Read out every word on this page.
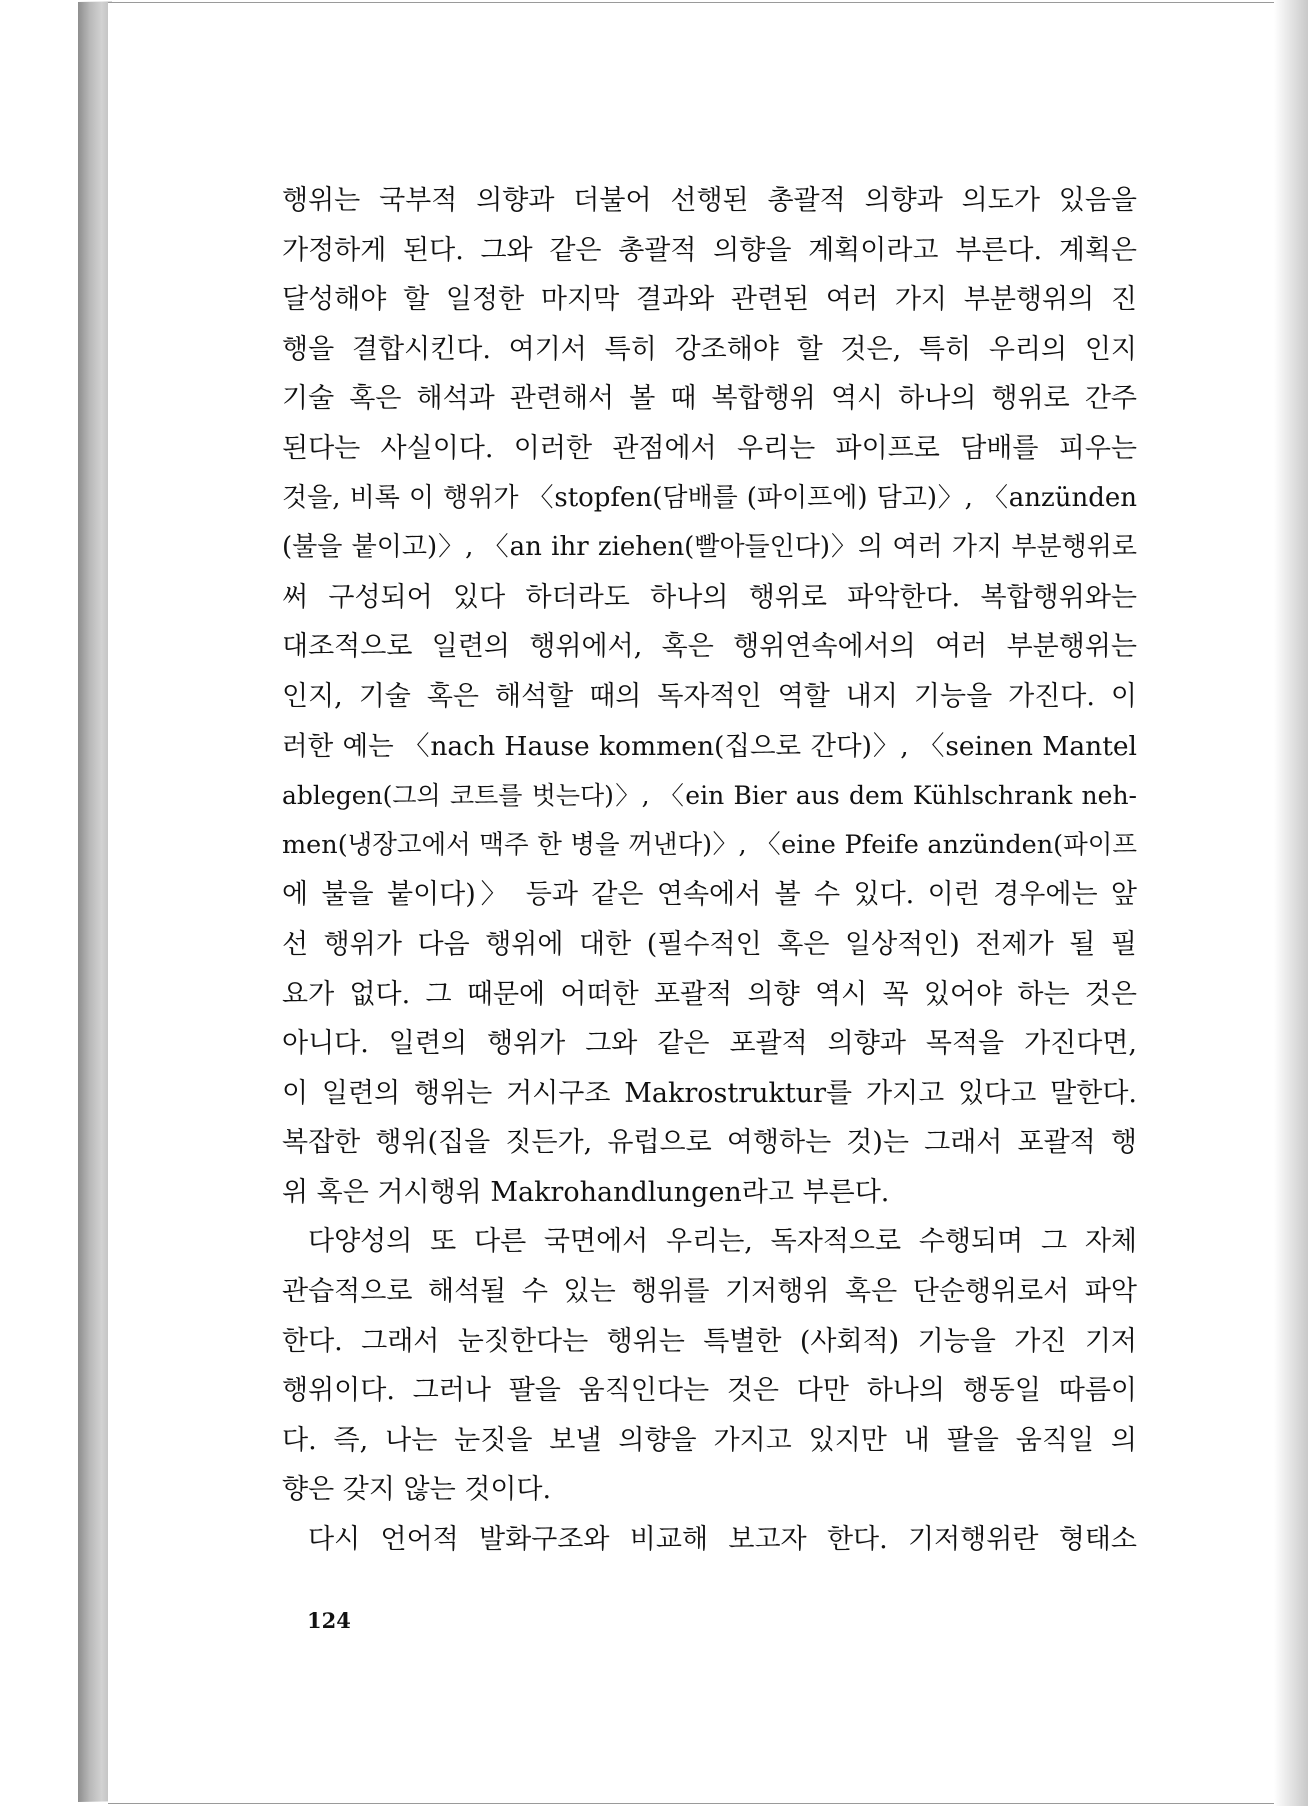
행위는 국부적 의향과 더불어 선행된 총괄적 의향과 의도가 있음을
가정하게 된다. 그와 같은 총괄적 의향을 계획이라고 부른다. 계획은
달성해야 할 일정한 마지막 결과와 관련된 여러 가지 부분행위의 진
행을 결합시킨다. 여기서 특히 강조해야 할 것은, 특히 우리의 인지
기술 혹은 해석과 관련해서 볼 때 복합행위 역시 하나의 행위로 간주
된다는 사실이다. 이러한 관점에서 우리는 파이프로 담배를 피우는
것을, 비록 이 행위가 〈stopfen(담배를 (파이프에) 담고)〉, 〈anzünden
(불을 붙이고)〉, 〈an ihr ziehen(빨아들인다)〉의 여러 가지 부분행위로
써 구성되어 있다 하더라도 하나의 행위로 파악한다. 복합행위와는
대조적으로 일련의 행위에서, 혹은 행위연속에서의 여러 부분행위는
인지, 기술 혹은 해석할 때의 독자적인 역할 내지 기능을 가진다. 이
러한 예는 〈nach Hause kommen(집으로 간다)〉, 〈seinen Mantel
ablegen(그의 코트를 벗는다)〉, 〈ein Bier aus dem Kühlschrank neh-
men(냉장고에서 맥주 한 병을 꺼낸다)〉, 〈eine Pfeife anzünden(파이프
에 불을 붙이다)〉 등과 같은 연속에서 볼 수 있다. 이런 경우에는 앞
선 행위가 다음 행위에 대한 (필수적인 혹은 일상적인) 전제가 될 필
요가 없다. 그 때문에 어떠한 포괄적 의향 역시 꼭 있어야 하는 것은
아니다. 일련의 행위가 그와 같은 포괄적 의향과 목적을 가진다면,
이 일련의 행위는 거시구조 Makrostruktur를 가지고 있다고 말한다.
복잡한 행위(집을 짓든가, 유럽으로 여행하는 것)는 그래서 포괄적 행
위 혹은 거시행위 Makrohandlungen라고 부른다.
다양성의 또 다른 국면에서 우리는, 독자적으로 수행되며 그 자체
관습적으로 해석될 수 있는 행위를 기저행위 혹은 단순행위로서 파악
한다. 그래서 눈짓한다는 행위는 특별한 (사회적) 기능을 가진 기저
행위이다. 그러나 팔을 움직인다는 것은 다만 하나의 행동일 따름이
다. 즉, 나는 눈짓을 보낼 의향을 가지고 있지만 내 팔을 움직일 의
향은 갖지 않는 것이다.
다시 언어적 발화구조와 비교해 보고자 한다. 기저행위란 형태소
124
